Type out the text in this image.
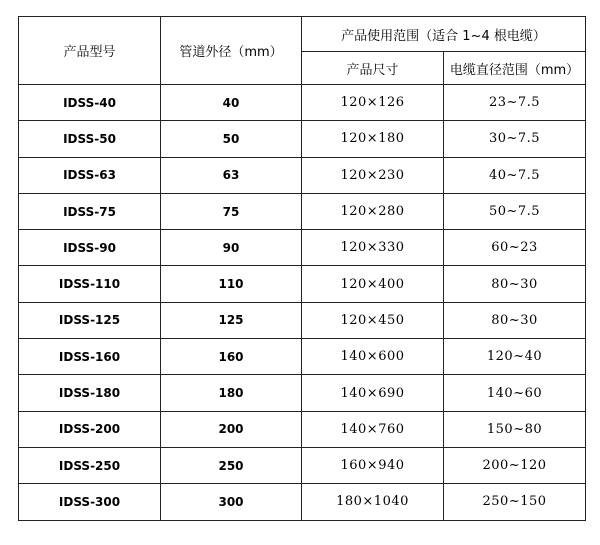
产品型号	管道外径（mm）	产品使用范围（适合 1~4 根电缆）	
		产品尺寸	电缆直径范围（mm）
IDSS-40	40	120×126	23~7.5
IDSS-50	50	120×180	30~7.5
IDSS-63	63	120×230	40~7.5
IDSS-75	75	120×280	50~7.5
IDSS-90	90	120×330	60~23
IDSS-110	110	120×400	80~30
IDSS-125	125	120×450	80~30
IDSS-160	160	140×600	120~40
IDSS-180	180	140×690	140~60
IDSS-200	200	140×760	150~80
IDSS-250	250	160×940	200~120
IDSS-300	300	180×1040	250~150
